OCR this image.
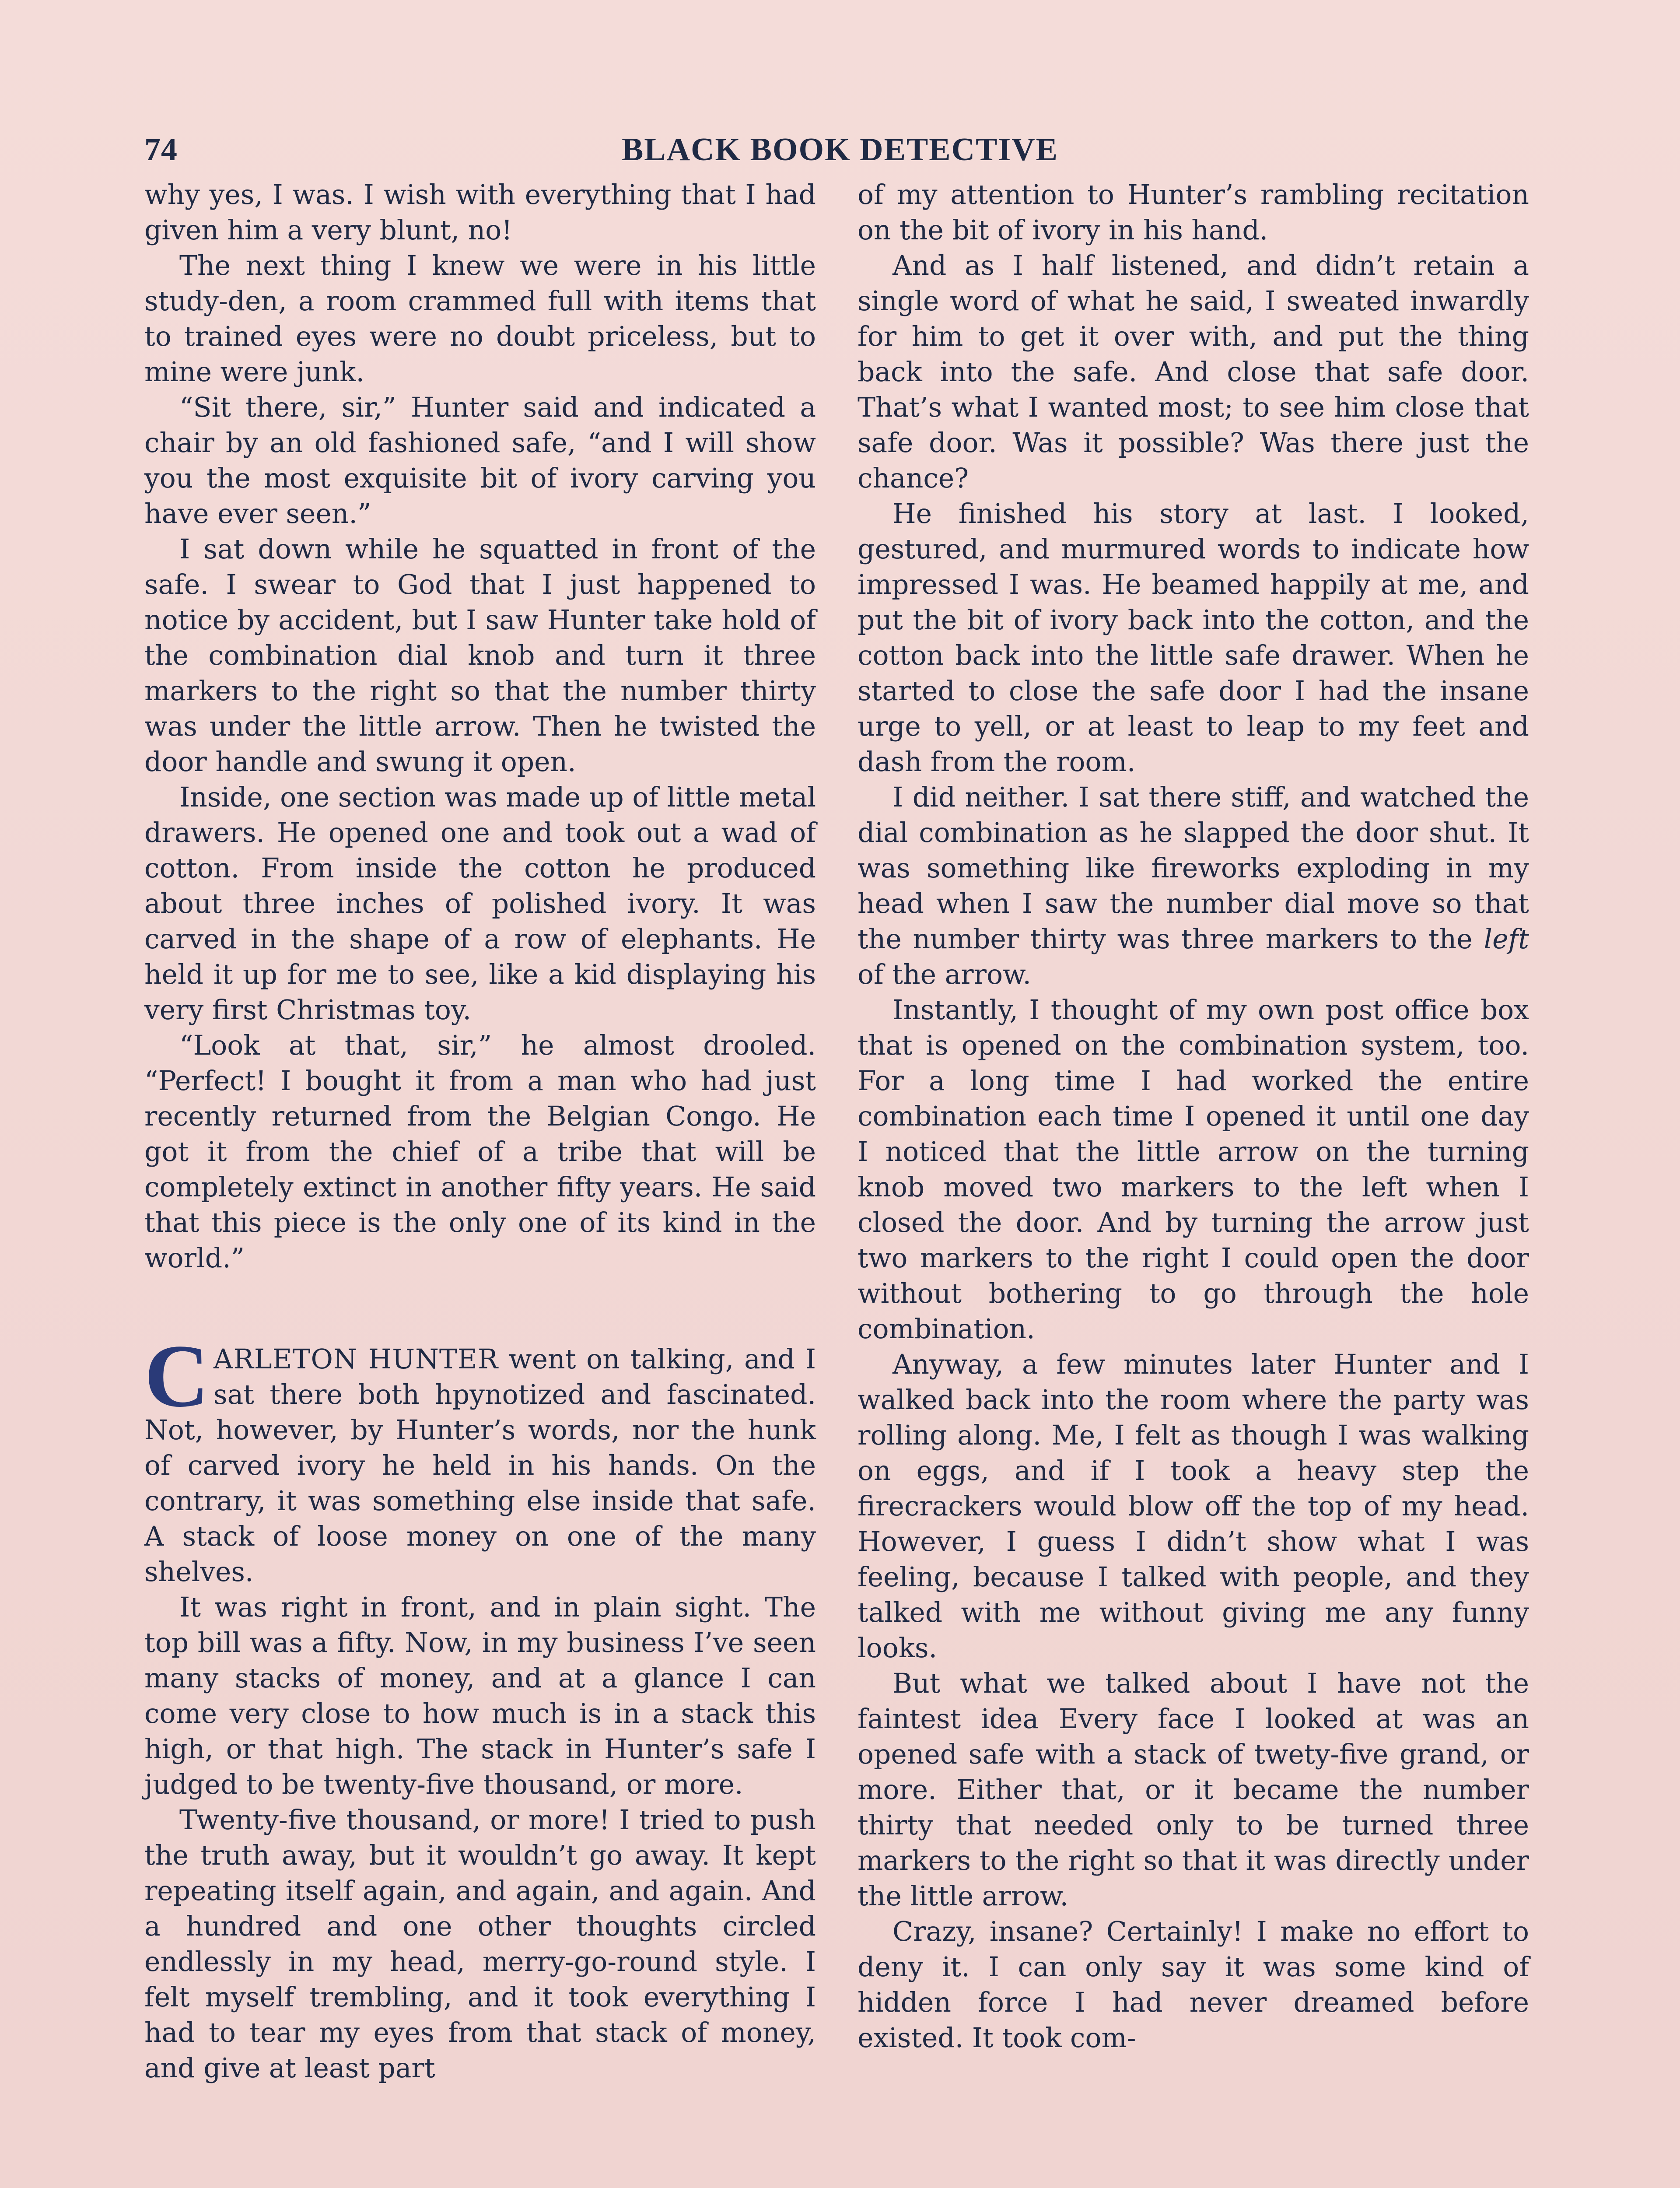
74	BLACK BOOK DETECTIVE

why yes, I was. I wish with everything that I had given him a very blunt, no!

The next thing I knew we were in his little study-den, a room crammed full with items that to trained eyes were no doubt priceless, but to mine were junk.

“Sit there, sir,” Hunter said and indicated a chair by an old fashioned safe, “and I will show you the most exquisite bit of ivory carving you have ever seen.”

I sat down while he squatted in front of the safe. I swear to God that I just happened to notice by accident, but I saw Hunter take hold of the combination dial knob and turn it three markers to the right so that the number thirty was under the little arrow. Then he twisted the door handle and swung it open.

Inside, one section was made up of little metal drawers. He opened one and took out a wad of cotton. From inside the cotton he produced about three inches of polished ivory. It was carved in the shape of a row of elephants. He held it up for me to see, like a kid displaying his very first Christmas toy.

“Look at that, sir,” he almost drooled. “Perfect! I bought it from a man who had just recently returned from the Belgian Congo. He got it from the chief of a tribe that will be completely extinct in another fifty years. He said that this piece is the only one of its kind in the world.”

CARLETON HUNTER went on talking, and I sat there both hpynotized and fascinated. Not, however, by Hunter’s words, nor the hunk of carved ivory he held in his hands. On the contrary, it was something else inside that safe. A stack of loose money on one of the many shelves.

It was right in front, and in plain sight. The top bill was a fifty. Now, in my business I’ve seen many stacks of money, and at a glance I can come very close to how much is in a stack this high, or that high. The stack in Hunter’s safe I judged to be twenty-five thousand, or more.

Twenty-five thousand, or more! I tried to push the truth away, but it wouldn’t go away. It kept repeating itself again, and again, and again. And a hundred and one other thoughts circled endlessly in my head, merry-go-round style. I felt myself trembling, and it took everything I had to tear my eyes from that stack of money, and give at least part

of my attention to Hunter’s rambling recitation on the bit of ivory in his hand.

And as I half listened, and didn’t retain a single word of what he said, I sweated inwardly for him to get it over with, and put the thing back into the safe. And close that safe door. That’s what I wanted most; to see him close that safe door. Was it possible? Was there just the chance?

He finished his story at last. I looked, gestured, and murmured words to indicate how impressed I was. He beamed happily at me, and put the bit of ivory back into the cotton, and the cotton back into the little safe drawer. When he started to close the safe door I had the insane urge to yell, or at least to leap to my feet and dash from the room.

I did neither. I sat there stiff, and watched the dial combination as he slapped the door shut. It was something like fireworks exploding in my head when I saw the number dial move so that the number thirty was three markers to the left of the arrow.

Instantly, I thought of my own post office box that is opened on the combination system, too. For a long time I had worked the entire combination each time I opened it until one day I noticed that the little arrow on the turning knob moved two markers to the left when I closed the door. And by turning the arrow just two markers to the right I could open the door without bothering to go through the hole combination.

Anyway, a few minutes later Hunter and I walked back into the room where the party was rolling along. Me, I felt as though I was walking on eggs, and if I took a heavy step the firecrackers would blow off the top of my head. However, I guess I didn’t show what I was feeling, because I talked with people, and they talked with me without giving me any funny looks.

But what we talked about I have not the faintest idea Every face I looked at was an opened safe with a stack of twety-five grand, or more. Either that, or it became the number thirty that needed only to be turned three markers to the right so that it was directly under the little arrow.

Crazy, insane? Certainly! I make no effort to deny it. I can only say it was some kind of hidden force I had never dreamed before existed. It took com-
